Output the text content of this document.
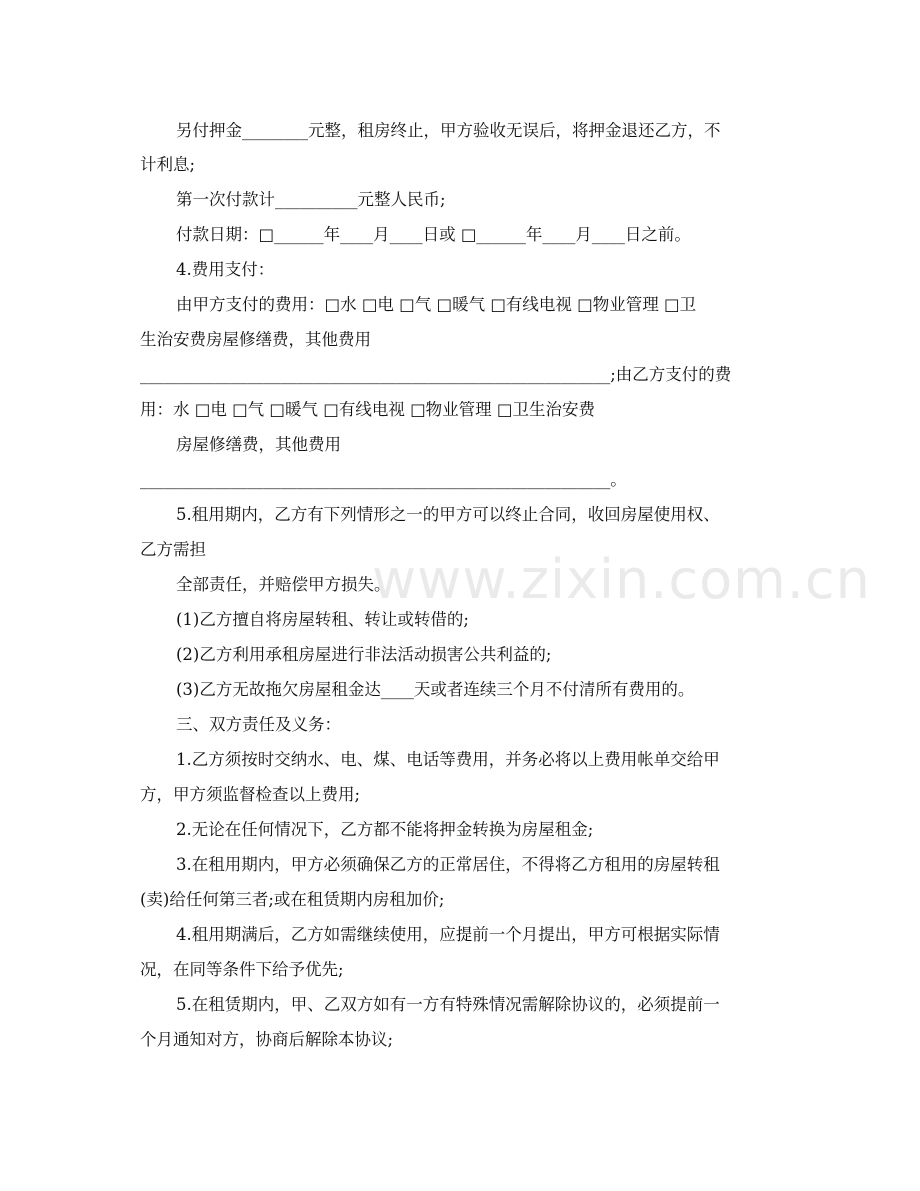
www.zixin.com.cn
另付押金________元整，租房终止，甲方验收无误后，将押金退还乙方，不
计利息;
第一次付款计__________元整人民币;
付款日期：□______年____月____日或 □______年____月____日之前。
4.费用支付：
由甲方支付的费用：□水 □电 □气 □暖气 □有线电视 □物业管理 □卫
生治安费房屋修缮费，其他费用
_________________________________________________________;由乙方支付的费
用：水 □电 □气 □暖气 □有线电视 □物业管理 □卫生治安费
房屋修缮费，其他费用
_________________________________________________________。
5.租用期内，乙方有下列情形之一的甲方可以终止合同，收回房屋使用权、
乙方需担
全部责任，并赔偿甲方损失。
(1)乙方擅自将房屋转租、转让或转借的;
(2)乙方利用承租房屋进行非法活动损害公共利益的;
(3)乙方无故拖欠房屋租金达____天或者连续三个月不付清所有费用的。
三、双方责任及义务：
1.乙方须按时交纳水、电、煤、电话等费用，并务必将以上费用帐单交给甲
方，甲方须监督检查以上费用;
2.无论在任何情况下，乙方都不能将押金转换为房屋租金;
3.在租用期内，甲方必须确保乙方的正常居住，不得将乙方租用的房屋转租
(卖)给任何第三者;或在租赁期内房租加价;
4.租用期满后，乙方如需继续使用，应提前一个月提出，甲方可根据实际情
况，在同等条件下给予优先;
5.在租赁期内，甲、乙双方如有一方有特殊情况需解除协议的，必须提前一
个月通知对方，协商后解除本协议;
